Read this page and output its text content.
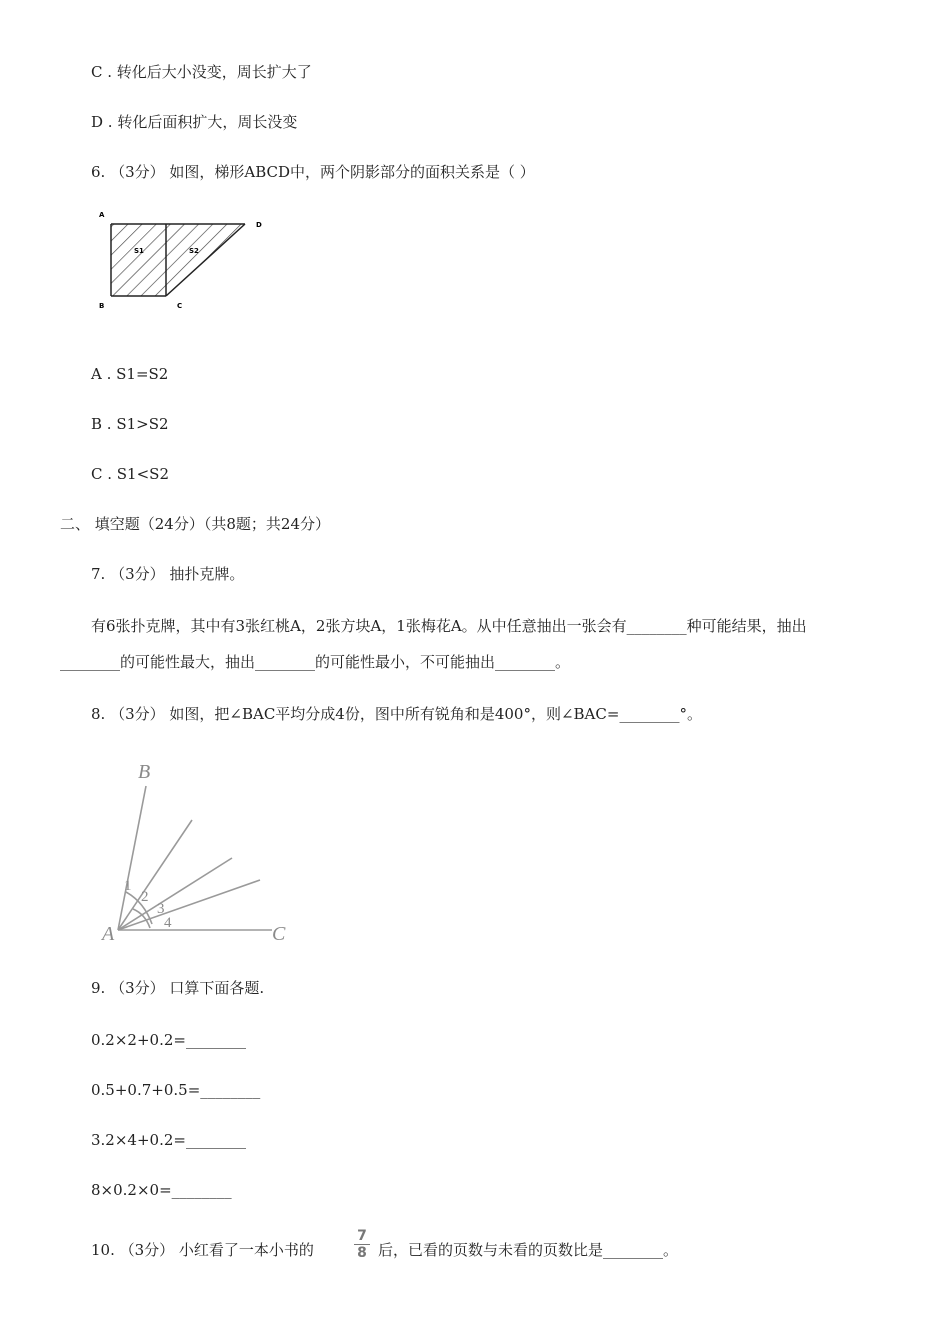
C . 转化后大小没变，周长扩大了
D . 转化后面积扩大，周长没变
6. （3分） 如图，梯形ABCD中，两个阴影部分的面积关系是（ ）
A
B	C
D
S1	S2
A . S1=S2
B . S1>S2
C . S1<S2
二、 填空题（24分）（共8题；共24分）
7. （3分） 抽扑克牌。
有6张扑克牌，其中有3张红桃A，2张方块A，1张梅花A。从中任意抽出一张会有________种可能结果，抽出
________的可能性最大，抽出________的可能性最小，不可能抽出________。
8. （3分） 如图，把∠BAC平均分成4份，图中所有锐角和是400°，则∠BAC=________°。
B
A	C
1
2
3
4
9. （3分） 口算下面各题.
0.2×2+0.2=________
0.5+0.7+0.5=________
3.2×4+0.2=________
8×0.2×0=________
10. （3分） 小红看了一本小书的
7
8 后，已看的页数与未看的页数比是________。
